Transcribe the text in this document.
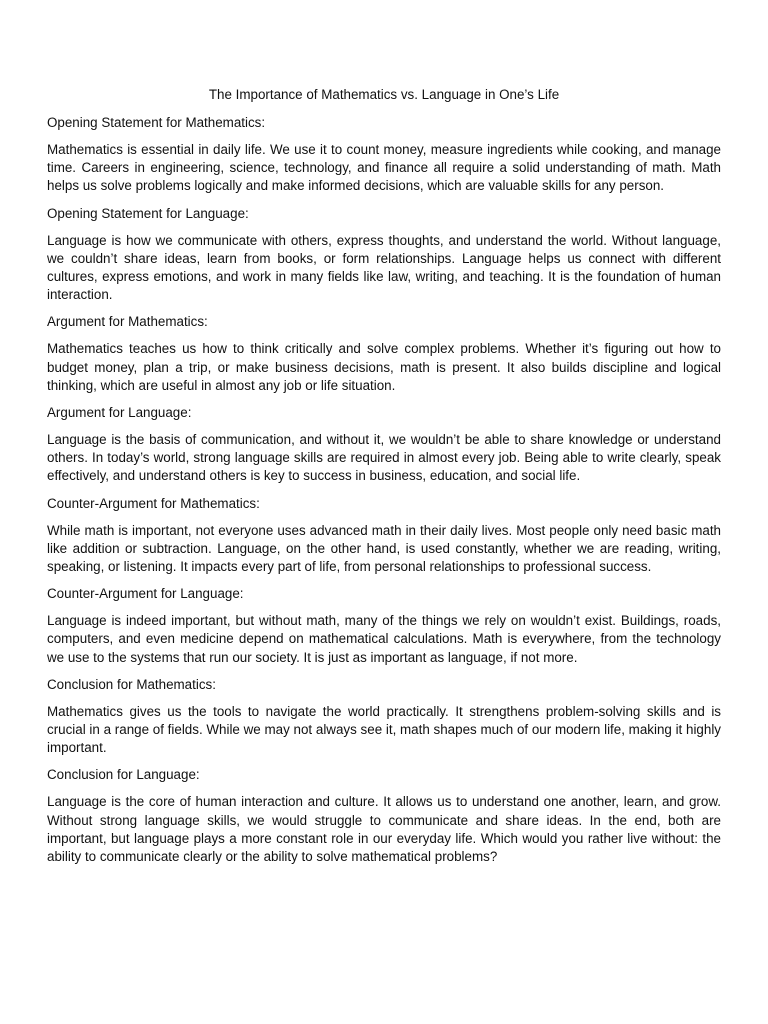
The Importance of Mathematics vs. Language in One’s Life

Opening Statement for Mathematics:

Mathematics is essential in daily life. We use it to count money, measure ingredients while cooking, and manage time. Careers in engineering, science, technology, and finance all require a solid understanding of math. Math helps us solve problems logically and make informed decisions, which are valuable skills for any person.

Opening Statement for Language:

Language is how we communicate with others, express thoughts, and understand the world. Without language, we couldn’t share ideas, learn from books, or form relationships. Language helps us connect with different cultures, express emotions, and work in many fields like law, writing, and teaching. It is the foundation of human interaction.

Argument for Mathematics:

Mathematics teaches us how to think critically and solve complex problems. Whether it’s figuring out how to budget money, plan a trip, or make business decisions, math is present. It also builds discipline and logical thinking, which are useful in almost any job or life situation.

Argument for Language:

Language is the basis of communication, and without it, we wouldn’t be able to share knowledge or understand others. In today’s world, strong language skills are required in almost every job. Being able to write clearly, speak effectively, and understand others is key to success in business, education, and social life.

Counter-Argument for Mathematics:

While math is important, not everyone uses advanced math in their daily lives. Most people only need basic math like addition or subtraction. Language, on the other hand, is used constantly, whether we are reading, writing, speaking, or listening. It impacts every part of life, from personal relationships to professional success.

Counter-Argument for Language:

Language is indeed important, but without math, many of the things we rely on wouldn’t exist. Buildings, roads, computers, and even medicine depend on mathematical calculations. Math is everywhere, from the technology we use to the systems that run our society. It is just as important as language, if not more.

Conclusion for Mathematics:

Mathematics gives us the tools to navigate the world practically. It strengthens problem-solving skills and is crucial in a range of fields. While we may not always see it, math shapes much of our modern life, making it highly important.

Conclusion for Language:

Language is the core of human interaction and culture. It allows us to understand one another, learn, and grow. Without strong language skills, we would struggle to communicate and share ideas. In the end, both are important, but language plays a more constant role in our everyday life. Which would you rather live without: the ability to communicate clearly or the ability to solve mathematical problems?
